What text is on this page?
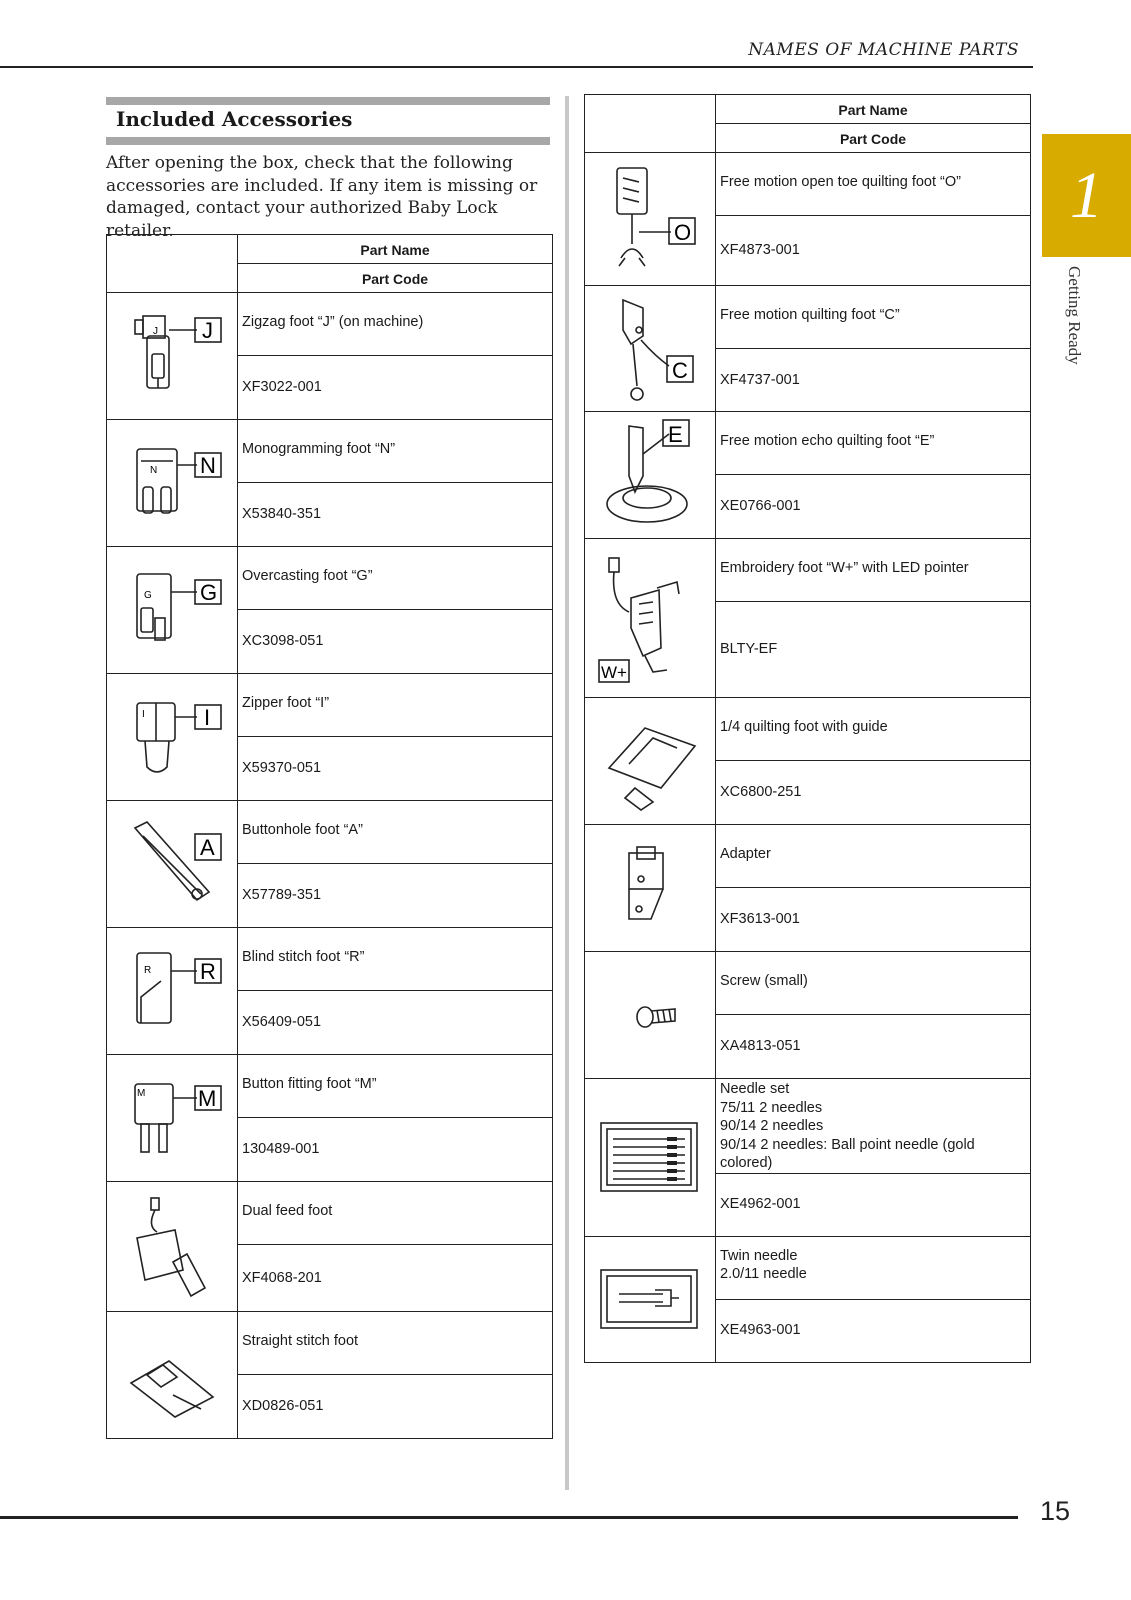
NAMES OF MACHINE PARTS
1
Getting Ready
Included Accessories
After opening the box, check that the following accessories are included. If any item is missing or damaged, contact your authorized Baby Lock retailer.
	Part Name
	Part Code

J J	Zigzag foot “J” (on machine)
	XF3022-001

N N	Monogramming foot “N”
	X53840-351

G G	Overcasting foot “G”
	XC3098-051

I I	Zipper foot “I”
	X59370-051

A	Buttonhole foot “A”
	X57789-351

R R	Blind stitch foot “R”
	X56409-051

M M	Button fitting foot “M”
	130489-001

	Dual feed foot
	XF4068-201

	Straight stitch foot
	XD0826-051
	Part Name
	Part Code

O	Free motion open toe quilting foot “O”
	XF4873-001

C	Free motion quilting foot “C”
	XF4737-001

E	Free motion echo quilting foot “E”
	XE0766-001

W+	Embroidery foot “W+” with LED pointer
	BLTY-EF

	1/4 quilting foot with guide
	XC6800-251

	Adapter
	XF3613-001

	Screw (small)
	XA4813-051

	Needle set
75/11 2 needles
90/14 2 needles
90/14 2 needles: Ball point needle (gold colored)
	XE4962-001

	Twin needle
2.0/11 needle
	XE4963-001
15
